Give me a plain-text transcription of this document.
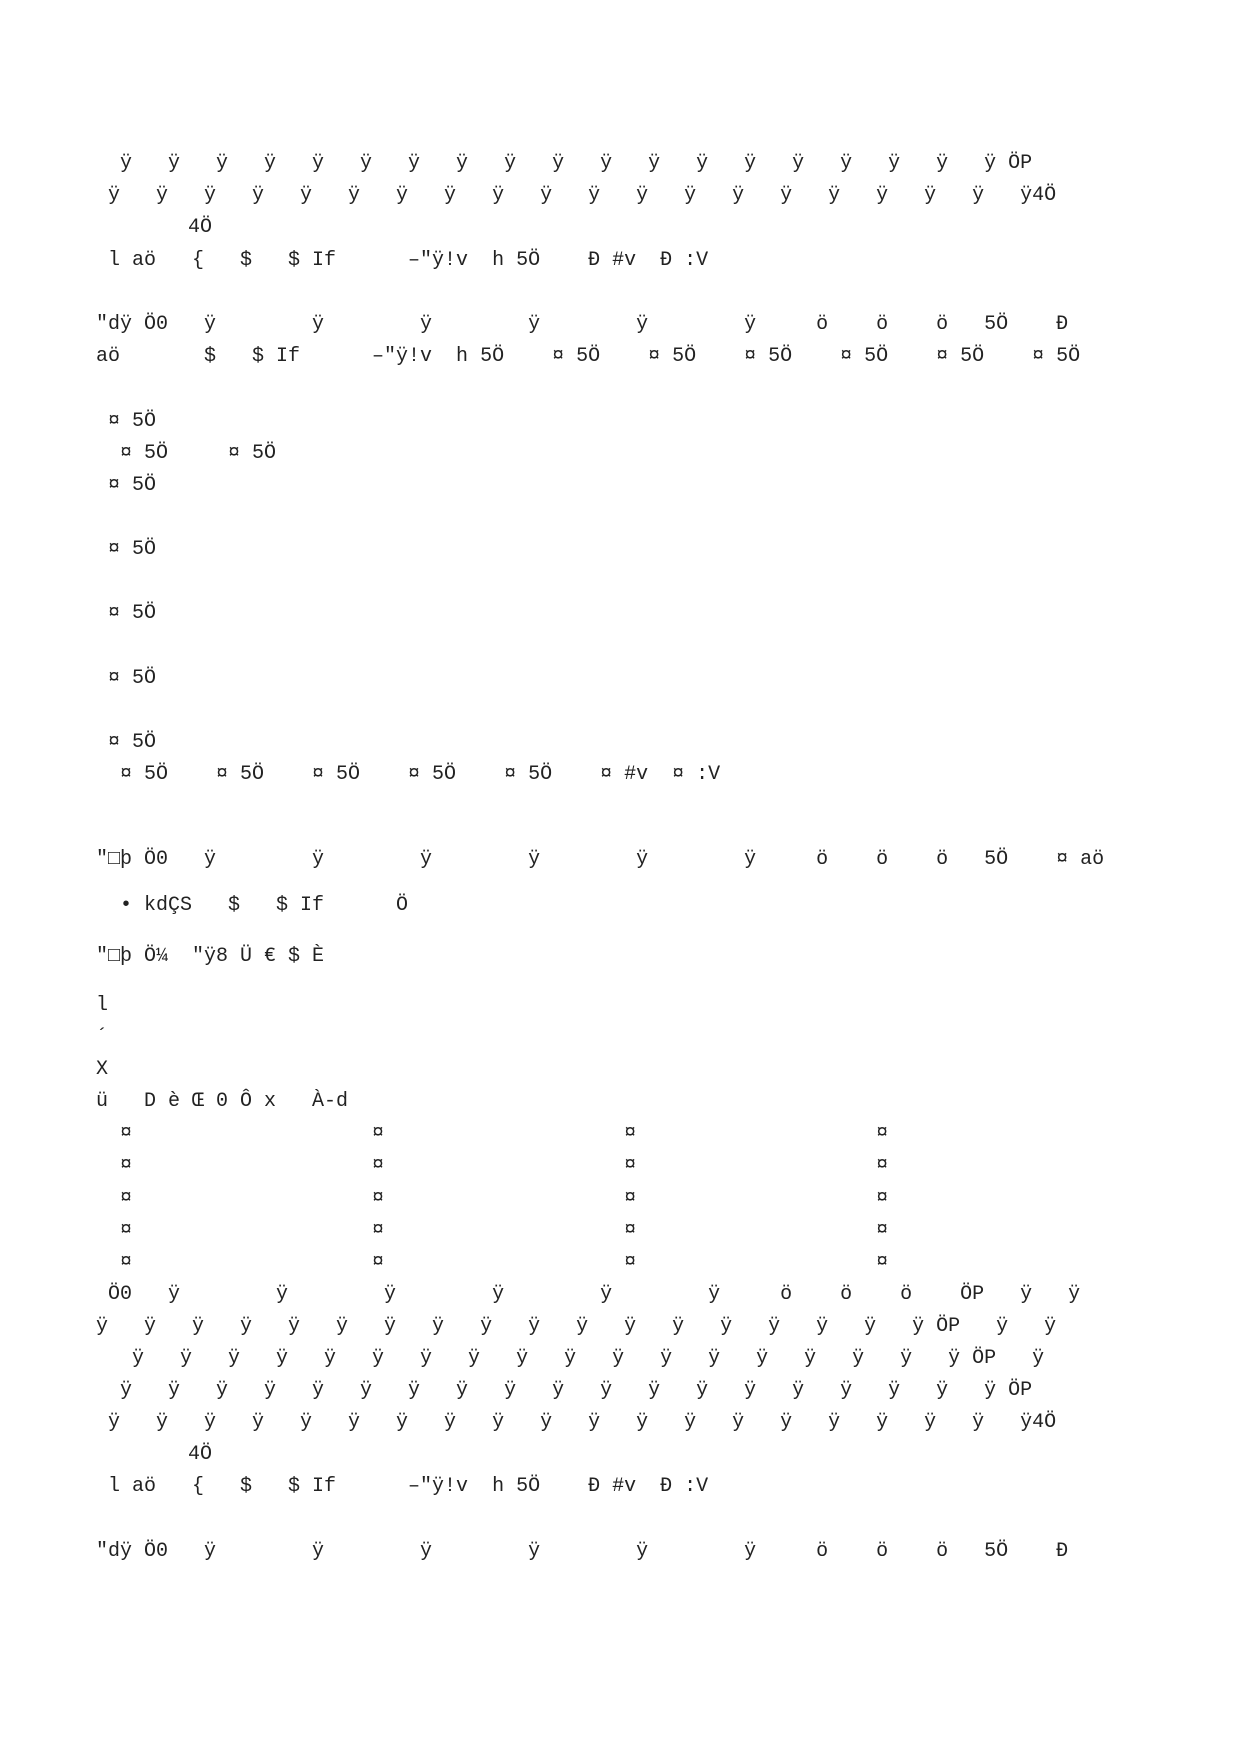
ÿ   ÿ   ÿ   ÿ   ÿ   ÿ   ÿ   ÿ   ÿ   ÿ   ÿ   ÿ   ÿ   ÿ   ÿ   ÿ   ÿ   ÿ   ÿ ÖP
ÿ   ÿ   ÿ   ÿ   ÿ   ÿ   ÿ   ÿ   ÿ   ÿ   ÿ   ÿ   ÿ   ÿ   ÿ   ÿ   ÿ   ÿ   ÿ   ÿ4Ö
4Ö
l aö   {   $   $ If      –"ÿ!v  h 5Ö    Ð #v  Ð :V
"dÿ Ö0   ÿ        ÿ        ÿ        ÿ        ÿ        ÿ     ö    ö    ö   5Ö    Ð
aö       $   $ If      –"ÿ!v  h 5Ö    ¤ 5Ö    ¤ 5Ö    ¤ 5Ö    ¤ 5Ö    ¤ 5Ö    ¤ 5Ö
¤ 5Ö
¤ 5Ö     ¤ 5Ö
¤ 5Ö
¤ 5Ö
¤ 5Ö
¤ 5Ö
¤ 5Ö
¤ 5Ö    ¤ 5Ö    ¤ 5Ö    ¤ 5Ö    ¤ 5Ö    ¤ #v  ¤ :V
"□þ Ö0   ÿ        ÿ        ÿ        ÿ        ÿ        ÿ     ö    ö    ö   5Ö    ¤ aö
• kdÇS   $   $ If      Ö
"□þ Ö¼  "ÿ8 Ü € $ È
l
´
X
ü   D è Œ 0 Ô x   À-d
¤                    ¤                    ¤                    ¤
¤                    ¤                    ¤                    ¤
¤                    ¤                    ¤                    ¤
¤                    ¤                    ¤                    ¤
¤                    ¤                    ¤                    ¤
Ö0   ÿ        ÿ        ÿ        ÿ        ÿ        ÿ     ö    ö    ö    ÖP   ÿ   ÿ
ÿ   ÿ   ÿ   ÿ   ÿ   ÿ   ÿ   ÿ   ÿ   ÿ   ÿ   ÿ   ÿ   ÿ   ÿ   ÿ   ÿ   ÿ ÖP   ÿ   ÿ
ÿ   ÿ   ÿ   ÿ   ÿ   ÿ   ÿ   ÿ   ÿ   ÿ   ÿ   ÿ   ÿ   ÿ   ÿ   ÿ   ÿ   ÿ ÖP   ÿ
ÿ   ÿ   ÿ   ÿ   ÿ   ÿ   ÿ   ÿ   ÿ   ÿ   ÿ   ÿ   ÿ   ÿ   ÿ   ÿ   ÿ   ÿ   ÿ ÖP
ÿ   ÿ   ÿ   ÿ   ÿ   ÿ   ÿ   ÿ   ÿ   ÿ   ÿ   ÿ   ÿ   ÿ   ÿ   ÿ   ÿ   ÿ   ÿ   ÿ4Ö
4Ö
l aö   {   $   $ If      –"ÿ!v  h 5Ö    Ð #v  Ð :V
"dÿ Ö0   ÿ        ÿ        ÿ        ÿ        ÿ        ÿ     ö    ö    ö   5Ö    Ð
